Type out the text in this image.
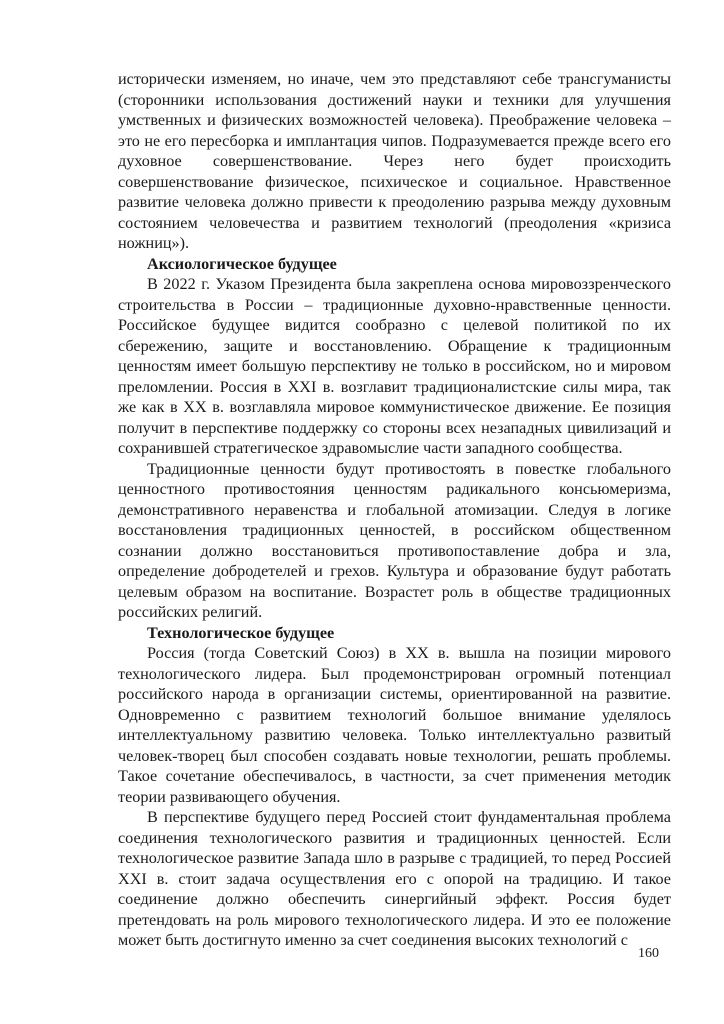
исторически изменяем, но иначе, чем это представляют себе трансгуманисты (сторонники использования достижений науки и техники для улучшения умственных и физических возможностей человека). Преображение человека – это не его пересборка и имплантация чипов. Подразумевается прежде всего его духовное совершенствование. Через него будет происходить совершенствование физическое, психическое и социальное. Нравственное развитие человека должно привести к преодолению разрыва между духовным состоянием человечества и развитием технологий (преодоления «кризиса ножниц»).

Аксиологическое будущее

В 2022 г. Указом Президента была закреплена основа мировоззренческого строительства в России – традиционные духовно-нравственные ценности. Российское будущее видится сообразно с целевой политикой по их сбережению, защите и восстановлению. Обращение к традиционным ценностям имеет большую перспективу не только в российском, но и мировом преломлении. Россия в XXI в. возглавит традиционалистские силы мира, так же как в XX в. возглавляла мировое коммунистическое движение. Ее позиция получит в перспективе поддержку со стороны всех незападных цивилизаций и сохранившей стратегическое здравомыслие части западного сообщества.

Традиционные ценности будут противостоять в повестке глобального ценностного противостояния ценностям радикального консьюмеризма, демонстративного неравенства и глобальной атомизации. Следуя в логике восстановления традиционных ценностей, в российском общественном сознании должно восстановиться противопоставление добра и зла, определение добродетелей и грехов. Культура и образование будут работать целевым образом на воспитание. Возрастет роль в обществе традиционных российских религий.

Технологическое будущее

Россия (тогда Советский Союз) в XX в. вышла на позиции мирового технологического лидера. Был продемонстрирован огромный потенциал российского народа в организации системы, ориентированной на развитие. Одновременно с развитием технологий большое внимание уделялось интеллектуальному развитию человека. Только интеллектуально развитый человек-творец был способен создавать новые технологии, решать проблемы. Такое сочетание обеспечивалось, в частности, за счет применения методик теории развивающего обучения.

В перспективе будущего перед Россией стоит фундаментальная проблема соединения технологического развития и традиционных ценностей. Если технологическое развитие Запада шло в разрыве с традицией, то перед Россией XXI в. стоит задача осуществления его с опорой на традицию. И такое соединение должно обеспечить синергийный эффект. Россия будет претендовать на роль мирового технологического лидера. И это ее положение может быть достигнуто именно за счет соединения высоких технологий с

160
